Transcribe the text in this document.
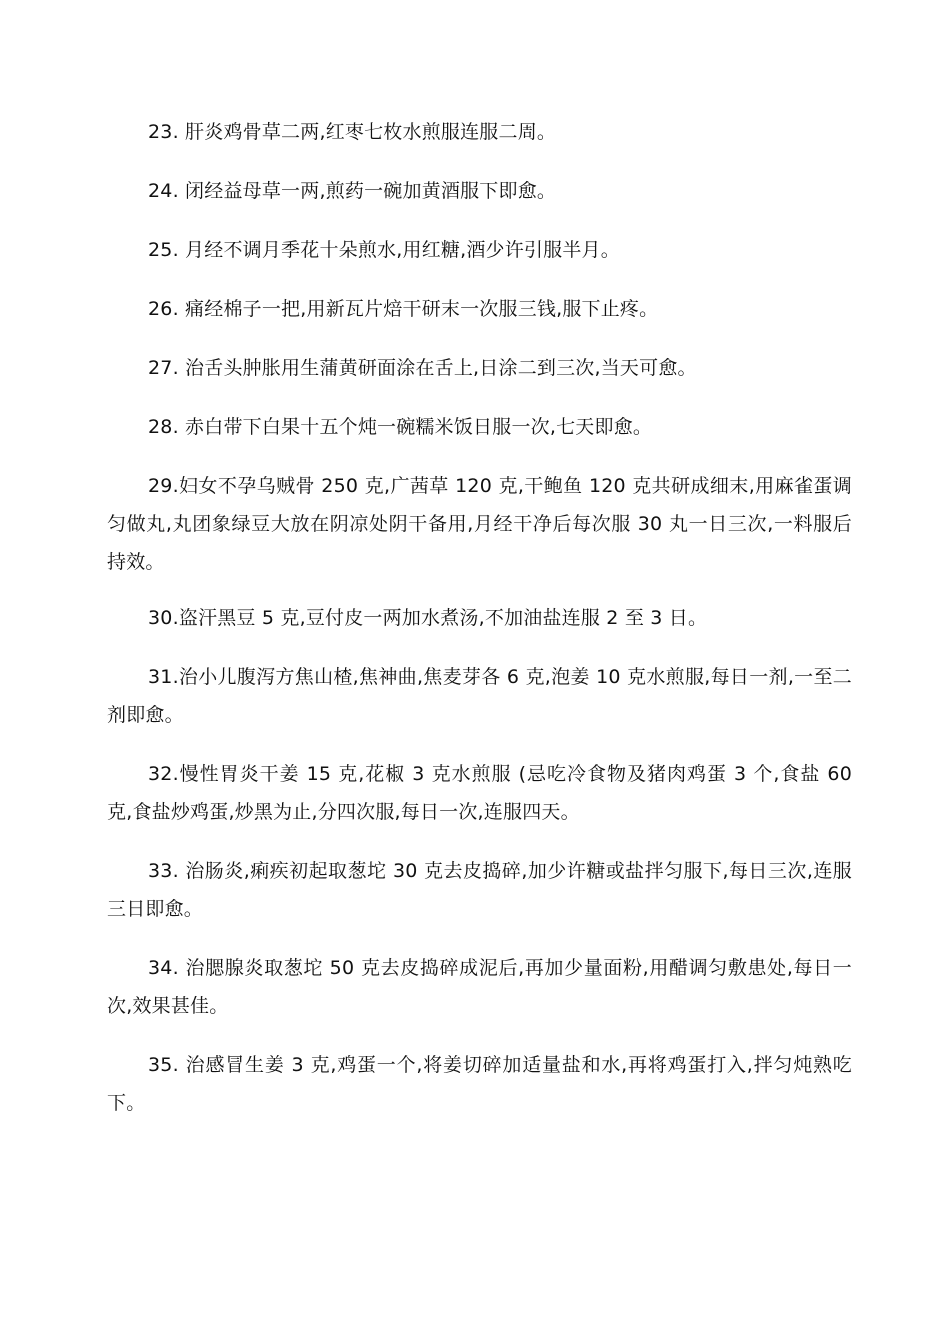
23. 肝炎鸡骨草二两,红枣七枚水煎服连服二周。

24. 闭经益母草一两,煎药一碗加黄酒服下即愈。

25. 月经不调月季花十朵煎水,用红糖,酒少许引服半月。

26. 痛经棉子一把,用新瓦片焙干研末一次服三钱,服下止疼。

27. 治舌头肿胀用生蒲黄研面涂在舌上,日涂二到三次,当天可愈。

28. 赤白带下白果十五个炖一碗糯米饭日服一次,七天即愈。

29.妇女不孕乌贼骨 250 克,广茜草 120 克,干鲍鱼 120 克共研成细末,用麻雀蛋调匀做丸,丸团象绿豆大放在阴凉处阴干备用,月经干净后每次服 30 丸一日三次,一料服后持效。

30.盗汗黑豆 5 克,豆付皮一两加水煮汤,不加油盐连服 2 至 3 日。

31.治小儿腹泻方焦山楂,焦神曲,焦麦芽各 6 克,泡姜 10 克水煎服,每日一剂,一至二剂即愈。

32.慢性胃炎干姜 15 克,花椒 3 克水煎服 (忌吃冷食物及猪肉鸡蛋 3 个,食盐 60 克,食盐炒鸡蛋,炒黑为止,分四次服,每日一次,连服四天。

33. 治肠炎,痢疾初起取葱坨 30 克去皮捣碎,加少许糖或盐拌匀服下,每日三次,连服三日即愈。

34. 治腮腺炎取葱坨 50 克去皮捣碎成泥后,再加少量面粉,用醋调匀敷患处,每日一次,效果甚佳。

35. 治感冒生姜 3 克,鸡蛋一个,将姜切碎加适量盐和水,再将鸡蛋打入,拌匀炖熟吃下。
